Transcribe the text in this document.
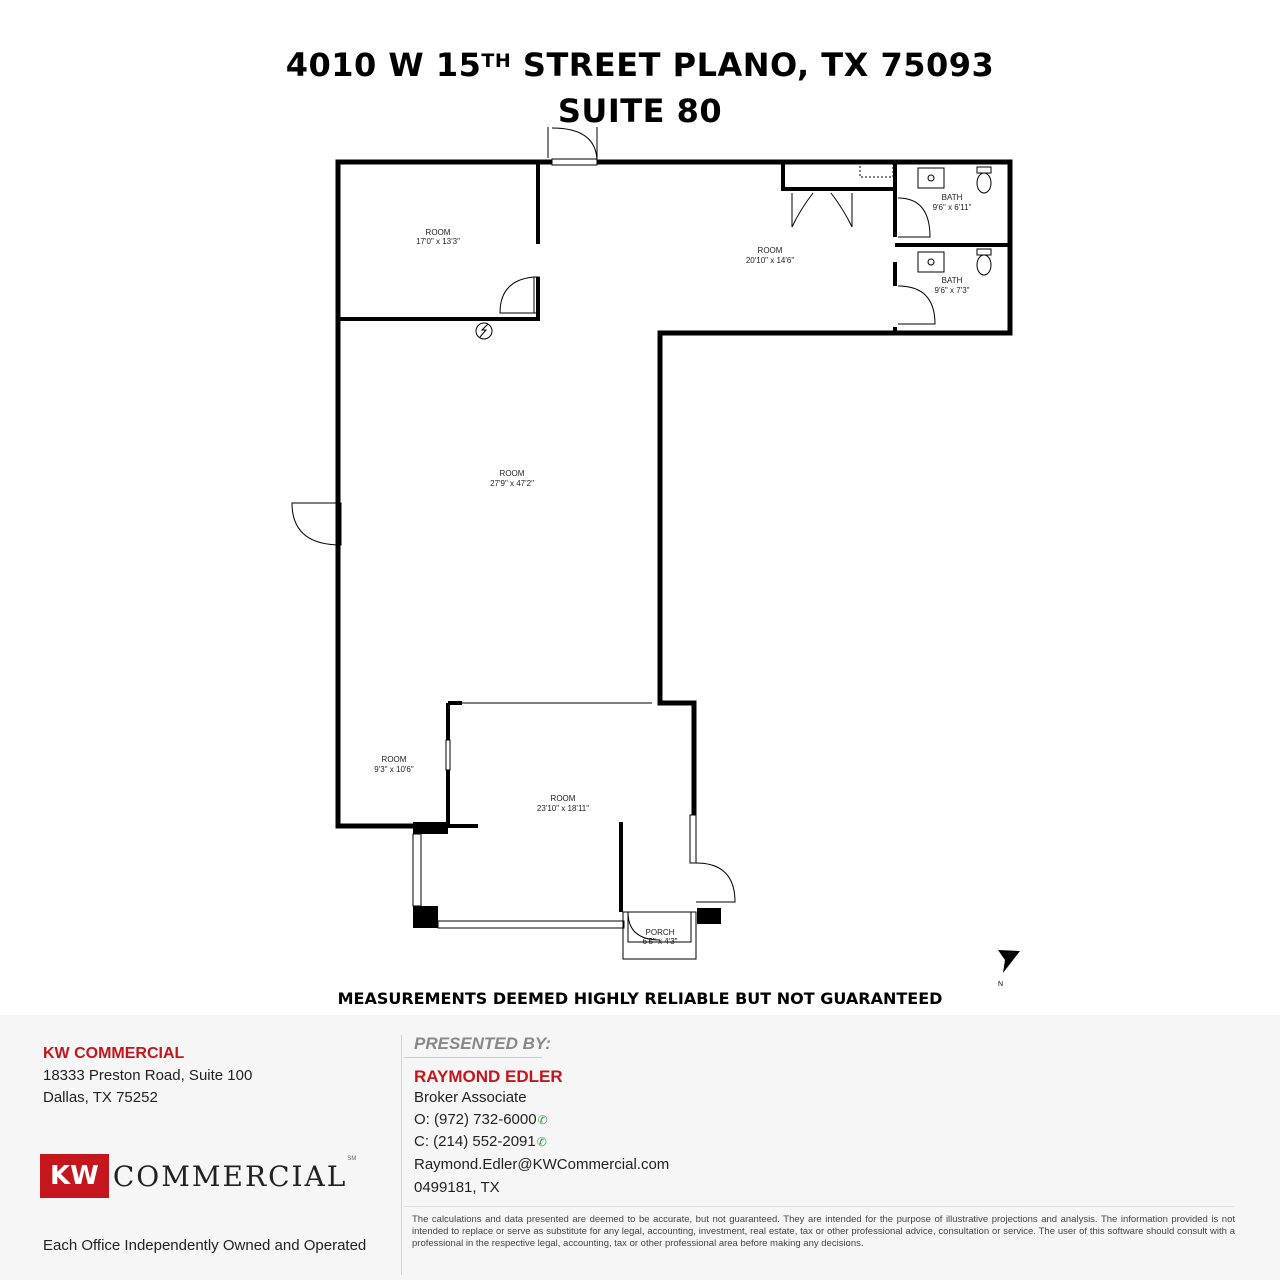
4010 W 15TH STREET PLANO, TX 75093
SUITE 80
N
ROOM
17'0" x 13'3"
ROOM
20'10" x 14'6"
BATH
9'6" x 6'11"
BATH
9'6" x 7'3"
ROOM
27'9" x 47'2"
ROOM
9'3" x 10'6"
ROOM
23'10" x 18'11"
PORCH
6'5" x 4'3"
MEASUREMENTS DEEMED HIGHLY RELIABLE BUT NOT GUARANTEED
KW COMMERCIAL
18333 Preston Road, Suite 100
Dallas, TX 75252
KW COMMERCIAL℠
Each Office Independently Owned and Operated
PRESENTED BY:
RAYMOND EDLER
Broker Associate
O: (972) 732-6000✆
C: (214) 552-2091✆
Raymond.Edler@KWCommercial.com
0499181, TX
The calculations and data presented are deemed to be accurate, but not guaranteed. They are intended for the purpose of illustrative projections and analysis. The information provided is not intended to replace or serve as substitute for any legal, accounting, investment, real estate, tax or other professional advice, consultation or service. The user of this software should consult with a professional in the respective legal, accounting, tax or other professional area before making any decisions.
